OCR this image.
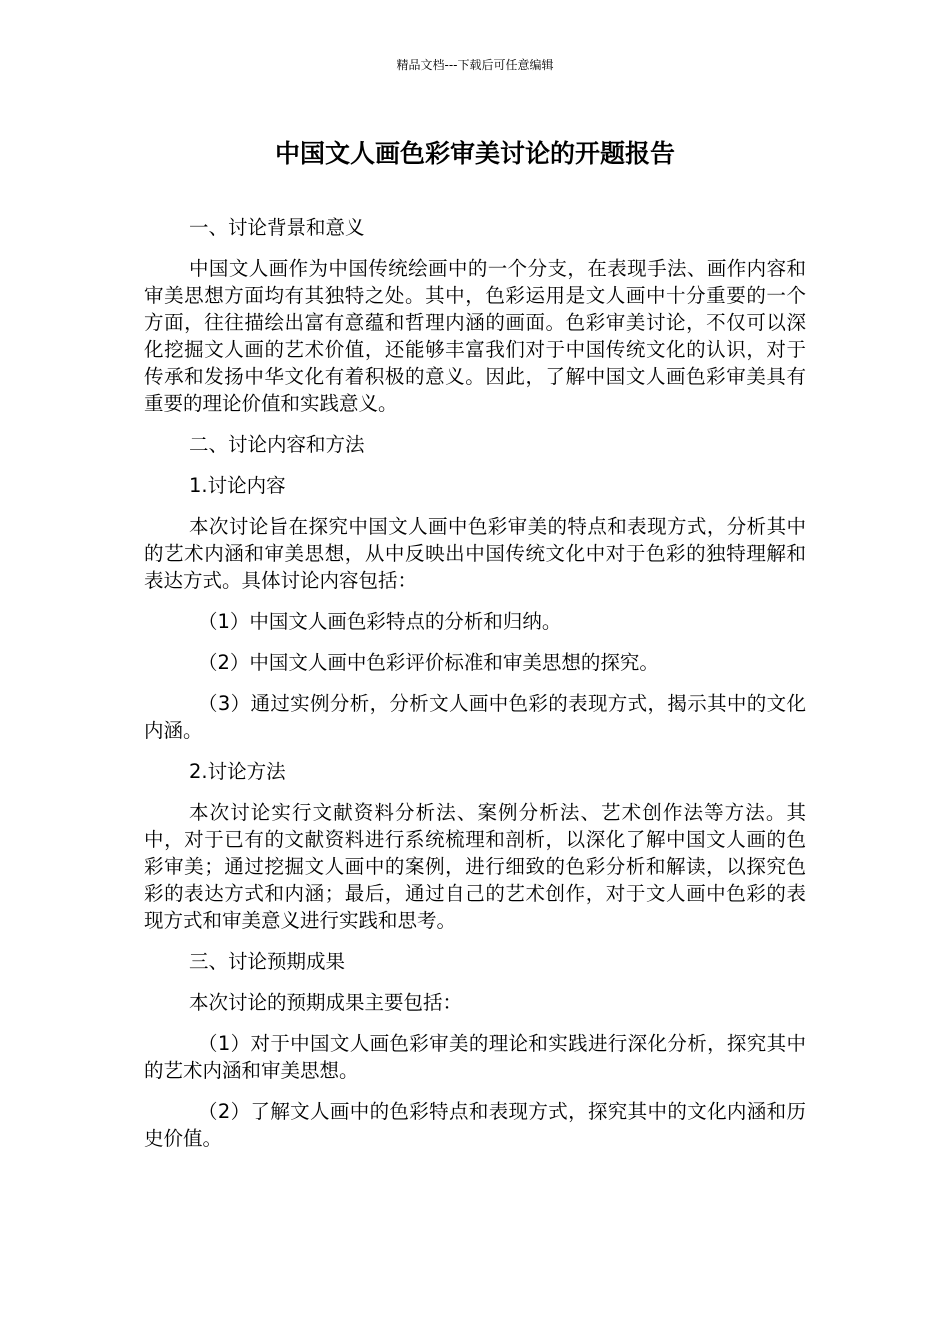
精品文档---下载后可任意编辑
中国文人画色彩审美讨论的开题报告

一、讨论背景和意义

中国文人画作为中国传统绘画中的一个分支，在表现手法、画作内容和审美思想方面均有其独特之处。其中，色彩运用是文人画中十分重要的一个方面，往往描绘出富有意蕴和哲理内涵的画面。色彩审美讨论，不仅可以深化挖掘文人画的艺术价值，还能够丰富我们对于中国传统文化的认识，对于传承和发扬中华文化有着积极的意义。因此，了解中国文人画色彩审美具有重要的理论价值和实践意义。

二、讨论内容和方法

1.讨论内容

本次讨论旨在探究中国文人画中色彩审美的特点和表现方式，分析其中的艺术内涵和审美思想，从中反映出中国传统文化中对于色彩的独特理解和表达方式。具体讨论内容包括：

（1）中国文人画色彩特点的分析和归纳。

（2）中国文人画中色彩评价标准和审美思想的探究。

（3）通过实例分析，分析文人画中色彩的表现方式，揭示其中的文化内涵。

2.讨论方法

本次讨论实行文献资料分析法、案例分析法、艺术创作法等方法。其中，对于已有的文献资料进行系统梳理和剖析，以深化了解中国文人画的色彩审美；通过挖掘文人画中的案例，进行细致的色彩分析和解读，以探究色彩的表达方式和内涵；最后，通过自己的艺术创作，对于文人画中色彩的表现方式和审美意义进行实践和思考。

三、讨论预期成果

本次讨论的预期成果主要包括：

（1）对于中国文人画色彩审美的理论和实践进行深化分析，探究其中的艺术内涵和审美思想。

（2）了解文人画中的色彩特点和表现方式，探究其中的文化内涵和历史价值。
